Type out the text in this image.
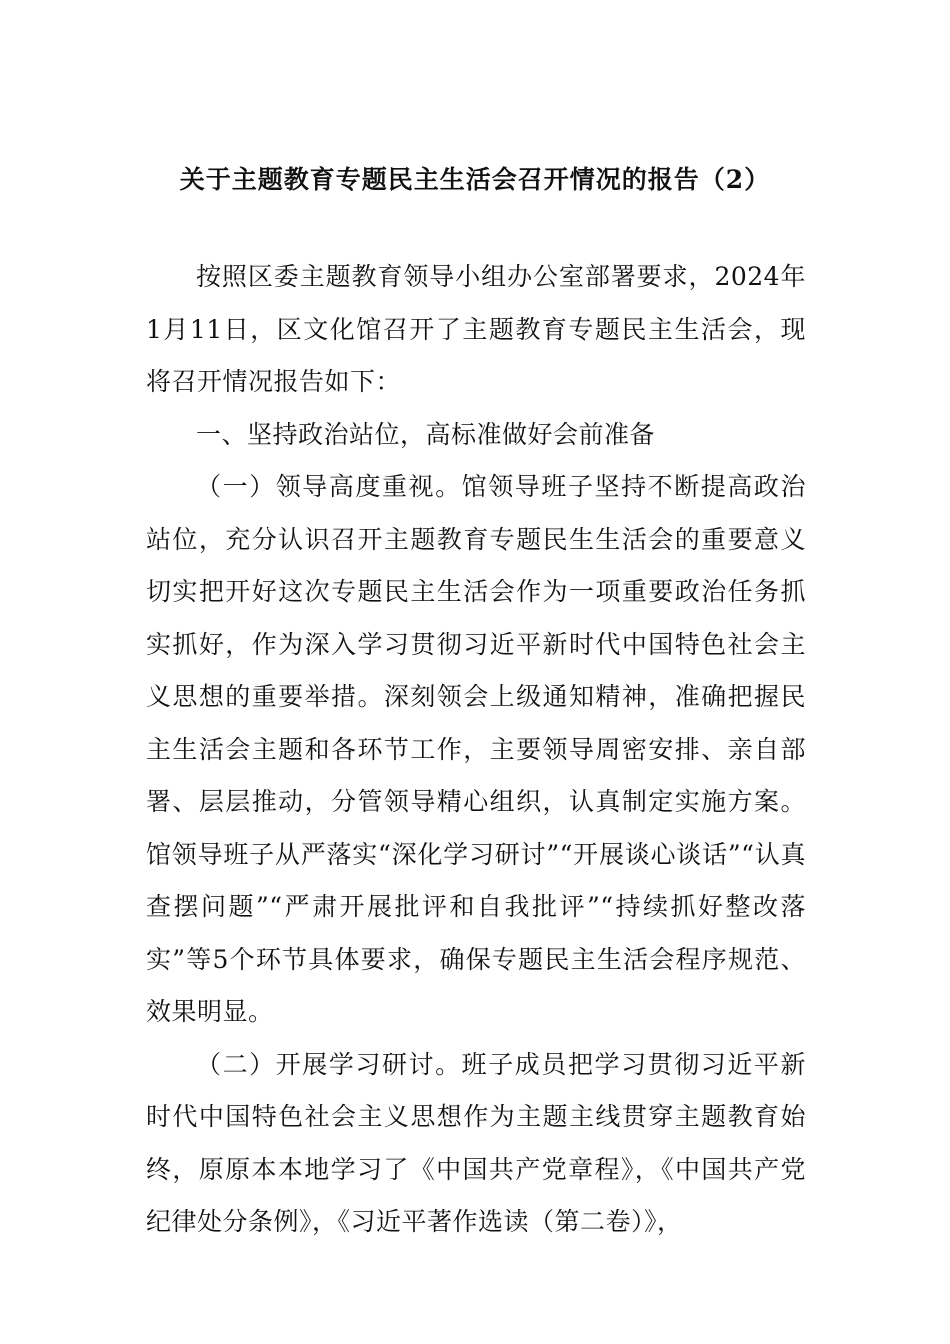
关于主题教育专题民主生活会召开情况的报告（2）

按照区委主题教育领导小组办公室部署要求，2024年1月11日，区文化馆召开了主题教育专题民主生活会，现将召开情况报告如下：

一、坚持政治站位，高标准做好会前准备

（一）领导高度重视。馆领导班子坚持不断提高政治站位，充分认识召开主题教育专题民生生活会的重要意义切实把开好这次专题民主生活会作为一项重要政治任务抓实抓好，作为深入学习贯彻习近平新时代中国特色社会主义思想的重要举措。深刻领会上级通知精神，准确把握民主生活会主题和各环节工作，主要领导周密安排、亲自部署、层层推动，分管领导精心组织，认真制定实施方案。馆领导班子从严落实“深化学习研讨”“开展谈心谈话”“认真查摆问题”“严肃开展批评和自我批评”“持续抓好整改落实”等5个环节具体要求，确保专题民主生活会程序规范、效果明显。

（二）开展学习研讨。班子成员把学习贯彻习近平新时代中国特色社会主义思想作为主题主线贯穿主题教育始终，原原本本地学习了《中国共产党章程》，《中国共产党纪律处分条例》，《习近平著作选读（第二卷）》，
